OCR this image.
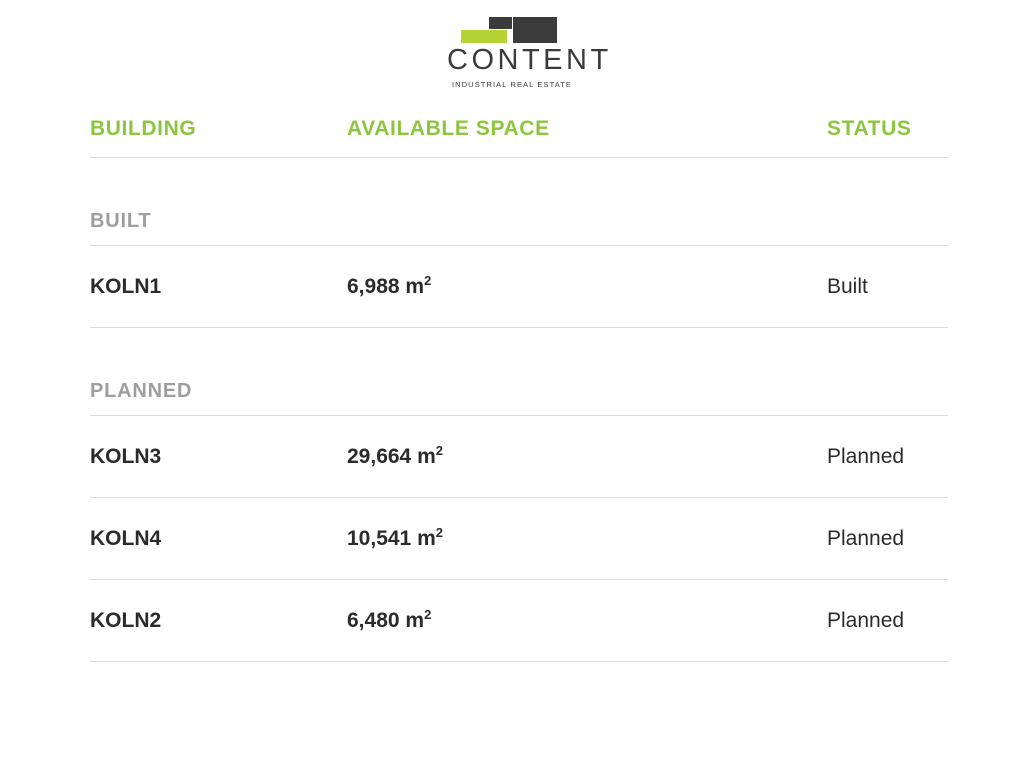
CONTENT
INDUSTRIAL REAL ESTATE
BUILDING	AVAILABLE SPACE	STATUS
BUILT
KOLN1	6,988 $m^2$	Built
PLANNED
KOLN3	29,664 $m^2$	Planned
KOLN4	10,541 $m^2$	Planned
KOLN2	6,480 $m^2$	Planned
